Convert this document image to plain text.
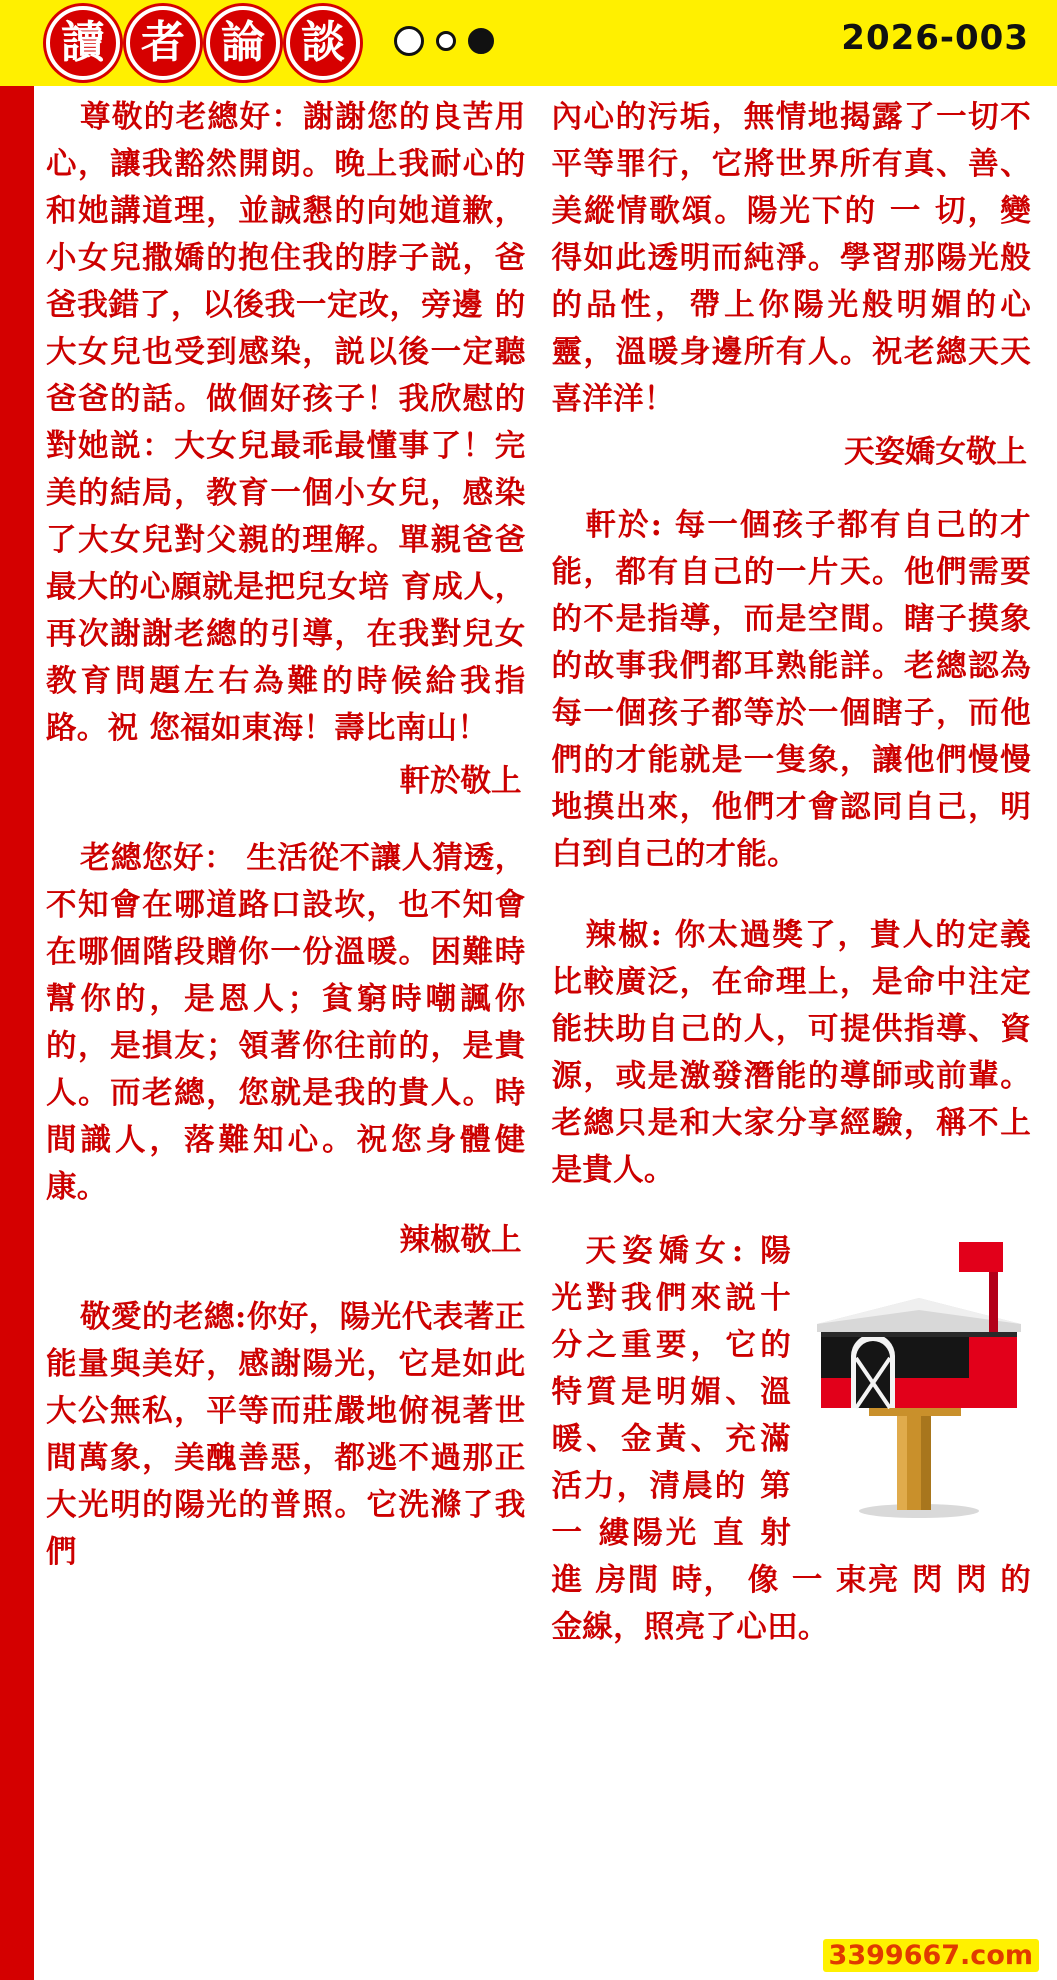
讀 者 論 談	2026-003

尊敬的老總好：謝謝您的良苦用心，讓我豁然開朗。晚上我耐心的和她講道理，並誠懇的向她道歉，小女兒撒嬌的抱住我的脖子説，爸爸我錯了，以後我一定改，旁邊 的大女兒也受到感染，説以後一定聽爸爸的話。做個好孩子！我欣慰的對她説：大女兒最乖最懂事了！完美的結局，教育一個小女兒，感染了大女兒對父親的理解。單親爸爸最大的心願就是把兒女培 育成人，再次謝謝老總的引導，在我對兒女教育問題左右為難的時候給我指路。祝 您福如東海！壽比南山！

軒於敬上

老總您好： 生活從不讓人猜透，不知會在哪道路口設坎，也不知會在哪個階段贈你一份溫暖。困難時幫你的，是恩人；貧窮時嘲諷你的，是損友；領著你往前的，是貴人。而老總，您就是我的貴人。時間識人，落難知心。祝您身體健康。

辣椒敬上

敬愛的老總:你好，陽光代表著正能量與美好，感謝陽光，它是如此大公無私，平等而莊嚴地俯視著世間萬象，美醜善惡，都逃不過那正大光明的陽光的普照。它洗滌了我們

內心的污垢，無情地揭露了一切不平等罪行，它將世界所有真、善、美縱情歌頌。陽光下的 一 切，變得如此透明而純淨。學習那陽光般的品性，帶上你陽光般明媚的心靈，溫暖身邊所有人。祝老總天天喜洋洋！

天姿嬌女敬上

軒於: 每一個孩子都有自己的才能，都有自己的一片天。他們需要的不是指導，而是空間。瞎子摸象的故事我們都耳熟能詳。老總認為每一個孩子都等於一個瞎子，而他們的才能就是一隻象，讓他們慢慢地摸出來，他們才會認同自己，明白到自己的才能。

辣椒: 你太過獎了，貴人的定義比較廣泛，在命理上，是命中注定能扶助自己的人，可提供指導、資源，或是激發潛能的導師或前輩。老總只是和大家分享經驗，稱不上是貴人。

天姿嬌女: 陽光對我們來説十分之重要，它的特質是明媚、溫暖、金黃、充滿活力，清晨的 第 一 縷陽光 直 射 進 房間 時， 像 一 束亮 閃 閃 的 金線，照亮了心田。

3399667.com
